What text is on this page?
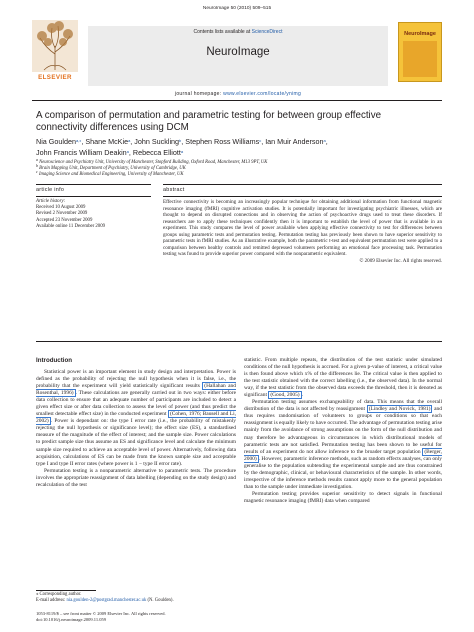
NeuroImage 50 (2010) 509–515
ELSEVIER
Contents lists available at ScienceDirect
NeuroImage
NeuroImage
journal homepage: www.elsevier.com/locate/ynimg
A comparison of permutation and parametric testing for between group effective
connectivity differences using DCM
Nia Goulden$^{a,⁎}$, Shane McKie$^a$, John Suckling$^b$, Stephen Ross Williams$^c$, Ian Muir Anderson$^a$,
John Francis William Deakin$^a$, Rebecca Elliott$^a$
$^a$ Neuroscience and Psychiatry Unit, University of Manchester, Stopford Building, Oxford Road, Manchester, M13 9PT, UK
$^b$ Brain Mapping Unit, Department of Psychiatry, University of Cambridge, UK
$^c$ Imaging Science and Biomedical Engineering, University of Manchester, UK
article info	abstract
Article history:
Received 10 August 2009
Revised 2 November 2009
Accepted 23 November 2009
Available online 11 December 2009
Effective connectivity is becoming an increasingly popular technique for obtaining additional information from functional magnetic resonance imaging (fMRI) cognitive activation studies. It is potentially important for investigating psychiatric illnesses, which are thought to depend on disrupted connections and in observing the action of psychoactive drugs used to treat these disorders. If researchers are to apply these techniques confidently then it is important to establish the level of power that is available in an experiment. This study compares the level of power available when applying effective connectivity to test for differences between groups using parametric tests and permutation testing. Permutation testing has previously been shown to have superior sensitivity to parametric tests in fMRI studies. As an illustrative example, both the parametric t-test and equivalent permutation test were applied to a comparison between healthy controls and remitted depressed volunteers performing an emotional face processing task. Permutation testing was found to provide superior power compared with the nonparametric equivalent.
© 2009 Elsevier Inc. All rights reserved.
Introduction

Statistical power is an important element in study design and interpretation. Power is defined as the probability of rejecting the null hypothesis when it is false, i.e., the probability that the experiment will yield statistically significant results (Hallahan and Rosenthal, 1996) . These calculations are generally carried out in two ways: either before data collection to ensure that an adequate number of participants are included to detect a given effect size or after data collection to assess the level of power (and thus predict the smallest detectable effect size) in the conducted experiment (Cohen, 1976; Bausell and Li, 2002) . Power is dependant on: the type I error rate (i.e., the probability of mistakenly rejecting the null hypothesis or significance level); the effect size (ES), a standardised measure of the magnitude of the effect of interest; and the sample size. Power calculations to predict sample size thus assume an ES and significance level and calculate the minimum sample size required to achieve an acceptable level of power. Alternatively, following data acquisition, calculations of ES can be made from the known sample size and acceptable type I and type II error rates (where power is 1 − type II error rate).

Permutation testing is a nonparametric alternative to parametric tests. The procedure involves the appropriate reassignment of data labelling (depending on the study design) and recalculation of the test

statistic. From multiple repeats, the distribution of the test statistic under simulated conditions of the null hypothesis is accrued. For a given p-value of interest, a critical value is then found above which x% of the differences lie. The critical value is then applied to the test statistic obtained with the correct labelling (i.e., the observed data). In the normal way, if the test statistic from the observed data exceeds the threshold, then it is denoted as significant (Good, 2005) .

Permutation testing assumes exchangeability of data. This means that the overall distribution of the data is not affected by reassignment (Lindley and Novick, 1981) and thus requires randomisation of volunteers to groups or conditions so that each reassignment is equally likely to have occurred. The advantage of permutation testing arise mainly from the avoidance of strong assumptions on the form of the null distribution and may therefore be advantageous in circumstances in which distributional models of parametric tests are not satisfied. Permutation testing has been shown to be useful for results of an experiment do not allow inference to the broader target population (Berger, 2000) . However, parametric inference methods, such as random effects analyses, can only generalise to the population subtending the experimental sample and are thus constrained by the demographic, clinical, or behavioural characteristics of the sample. In other words, irrespective of the inference methods results cannot apply more to the general population than to the sample under immediate investigation.

Permutation testing provides superior sensitivity to detect signals in functional magnetic resonance imaging (fMRI) data when compared

⁎ Corresponding author.
E-mail address: nia.goulden-2@postgrad.manchester.ac.uk (N. Goulden).
1053-8119/$ – see front matter © 2009 Elsevier Inc. All rights reserved.
doi:10.1016/j.neuroimage.2009.11.059
